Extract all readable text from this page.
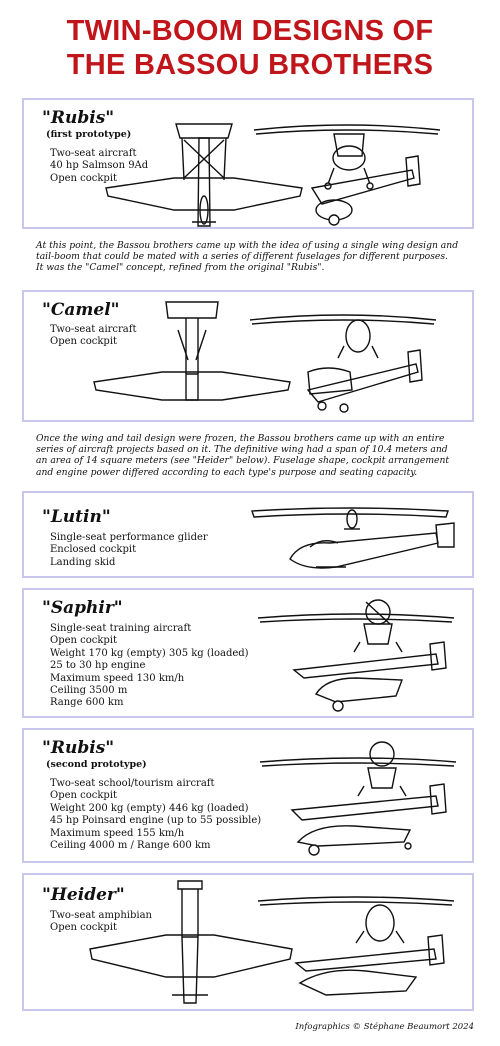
TWIN-BOOM DESIGNS OF
THE BASSOU BROTHERS
"Rubis"
(first prototype)
Two-seat aircraft
40 hp Salmson 9Ad
Open cockpit
At this point, the Bassou brothers came up with the idea of using a single wing design and
tail-boom that could be mated with a series of different fuselages for different purposes.
It was the "Camel" concept, refined from the original "Rubis".
"Camel"
Two-seat aircraft
Open cockpit
Once the wing and tail design were frozen, the Bassou brothers came up with an entire
series of aircraft projects based on it. The definitive wing had a span of 10.4 meters and
an area of 14 square meters (see "Heider" below). Fuselage shape, cockpit arrangement
and engine power differed according to each type's purpose and seating capacity.
"Lutin"
Single-seat performance glider
Enclosed cockpit
Landing skid
"Saphir"
Single-seat training aircraft
Open cockpit
Weight 170 kg (empty) 305 kg (loaded)
25 to 30 hp engine
Maximum speed 130 km/h
Ceiling 3500 m
Range 600 km
"Rubis"
(second prototype)
Two-seat school/tourism aircraft
Open cockpit
Weight 200 kg (empty) 446 kg (loaded)
45 hp Poinsard engine (up to 55 possible)
Maximum speed 155 km/h
Ceiling 4000 m / Range 600 km
"Heider"
Two-seat amphibian
Open cockpit
Infographics © Stéphane Beaumort 2024
